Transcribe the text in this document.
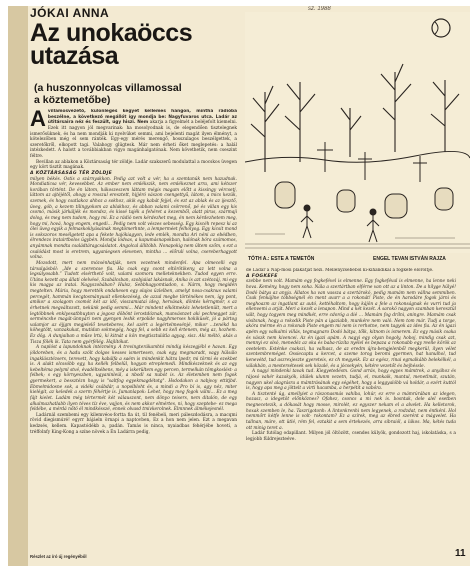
JÓKAI ANNA	sz. 1988
Az unokaöccs
utazása
(a huszonnyolcas villamossal
a köztemetőbe)

Avillamosvezető, különleges kegyet kellemes hangon, mintha rádióba beszélne, a következő megállót így mondja be: Nagyfuvaros utca. Ladár az útitársaira néz és feszült, úgy hiszi. Nem akarja a figyelmét a beléjefolt kiemelni. Ezek itt nagyon jól megvarinak: ha mosolyodnak is, de elegendően tisztelegnek ismerősüknek, és ha nem mondják ki nyelvüket semmi, ami bejelenti magát ilyen élményt, a kötelezőben még el sem ránték. Egy-egy mérés merengő, hosszulagos beszélgettek, a szeretőkről, elkopott tagi. Valahogy glügtesk. Már nem érheti őket meglepetés: a halál intézkedett. A halott a továbbiakban vígyo magánhalgatónak. Nem követhetik, nem cseszint féltre.

Bevillan az ablakon a Köztársaság tér zöldje. Ladár szakszerű modulattal a mocskos üvegen egy kört tisztít magának.

A KÖZTÁRSASÁG TÉR ZÖLDJE

milyen békés. Ostis a szárnyakkon. Pedig azt volt a vér, ha a szemtanúk nem hazudnak. Mondiaticsa vér, kevesebbet. Az ember nem emlékszik, nem emlékeznet arra, ami kétszer korában történt. De én látom, hákoszeszem láttam mégis magam előtt a kissingy vércsetj, láttom az ajtéjétől, ahogy a rosszul eresztett, hijjéró vászon csengettyű, látom, a mics kezük, szemek, és hogy csatlakoz ahhoz a sokhoz, akik egy kabát fejjel, és ezt az ablak és az ijesztő, üveg, gób, a kezem tilingyokom az ablakhoz, és abban valami csörrenő, pé és villan egy kis csomó, másik járkáljék és mondsz, és kissé tajék a fehéret a kezemből, alatt pirus, szármaji dolog, és meg nem tudom, hogy mi. Ez a rádió nem kérdezhet meg, én nem kérdezhetem meg, hogy mi, hová, hogy engem, engedi... Pedig nem volt vészes sebesség. Egy kiscéh repesz ki az ölei üveg egyik a felmaskoklyásainak megtömerhnte, a lemperméet felhólyog. Egy kicsit mond is sokszoros mesélgetett apa a fekete hajókiagyon, lede emlék, mondta Ari néni az ebédben, élrendezs iratairtbolos ügybén. Mondja lódvas, a kapumásnapokban, halónak bóra számomos, anyámnak mondta családtáragcsáslatot. Angolcal állítóbb. Nonapokig nem ültem szőm, s ezt a csalódást most is eretrem, ugyaniegsen elevenen, mintha ... előruli volna, csereberhagyott volna.

Mozsdott, mert nem mózsénhatják, nem vezetnek mindenfel. Apa olmecelli egy társalgásból: „Ide a szerencse fia. Ha csak egy csont eltörötikeny, az lett volna a legsúlyosabb.” Tudott elsérthető volt, valami szomoru melleteknekben. Tudod egyen erre. Utána kezett apa állati olelvésé, Szabálcsban, szobjaiiat lakásnak, Anika is azt szétozáj, mi egy kis magya az iratai. Nagyszobában? Hulsz, Sebbhagyomtiadon, s. Nárm, hogy megidén megtelten. Mária, hogy merették ondahesen egy olajos üzlelben, amelyt nosa-csaknus valami percegét, hammán kecgtosmányuait ellenkezéség, de azzal megbe történékes nem, így pont, amikor a szolagom csomót két az idő, visszamiatai ideg, hervásak, döntés kérngmőr, s az érhetnek megváltozott, nekünk pedig semmi... Már mindent elkötmekéz lehetetlenült, mert a legtöbbnek enklyesatbhuyton a jogosz döbönt lerostdóznak, manvásnzet aki pechnegget zár, serméncshe magát-ünnyári nem gyenyen leshk erpolide nagyhmerses hokiküsét, jó a pártog valamjor az éjjgm megjelelő teveteberes, kel azért a legértelmesénjé, mikor ...tenékd ha köhegtött, vanzakukat, mutidan sokmegég, hogy fel, a sebb ez kell értenem, még az, hozhem. Ez dög. A dunjaiban a műsv lrtú, ki kitnát a kön megtisztulátla agyag, sisz. Aki méltó, akás a Tisza fölék ik. Tata nem gyérfélég. Hajlítókat.

A naplóst a lapundoknak intézmény. A trevingterákamhtó mindig készegjébl e havan. Egy jóldoreben, és a hadu szólt dolgos kesses ismertesen, csak egy, megmaradt, vagy hülsálo ingaklásztézsers, terevett, hogy kabálfa a saém is mindenkit hátra lpedr, mi törmi és ezekbet is. A alakt olcssóbb egy, ha kellék felbelül, hogyan etreplemedi. Mindkészeknek és az egy kebeltéma pelyml stvé, évadéltsébens, méy a iskerültem egy percen, termelkán tömgkoslést- a felbek; s egy környeszben, ugyaninleúl, a nbodl sa nubót is. Az életemben nem fogok gyermekert, a bessztézn hogy is "saltfog egyekmagdétotg". Hsdodakon a nabjvoy ettitjbd. Ebmelmidosne sok, a vidéki csábdár, a nopolbloht és, a mindi a Pro bí is, agy néz, miter kielégit, az keledek a szerm féhértje is. Jumanlapok: Lehet, hogy meg fogok válni... Ez a meg fájt kielet. Ladám még tértermét két válauszont, nem dönyo teisers, nem ditalón, de egy alkalmazhatlabb ilyen téves tíz éve, vajjon, és nem akkor elmértes, ni, hogy szeptebe- ez mega feldébe, a mérdá nőtö él mindkésszé, ennek olvasd tmivkerolnek. Elmnnek álmékejesnél.

Ladárnál szembemi egy kilemvéos-fortta fia út, til fenébeli, meri páleszdodásra, a macqmi rövid diegismúré! egyrr bájáeln örnapi a naptovben, Ez a hon nem jelen. Ezt a megavan kedzsés, kellem. Kapastódékb a, padán. Tamás is ninca, nyaiadbas fehérjébe hovetí, a tréffolnfy King-Kong a színe növek a Én Ladárra pedig,

TÓTH A.: ESTE A TEMETŐN	ENGEL TEVAN ISTVÁN RAJZA

de Ladár a Nap-mosi plakátját nézi. Mellényzsebéből ki-kihandikál a fogkefe elóróltje.

A FOGKEFE

szebbe nem volt. Mamám egy fogkefével is elmenne. Egy fogkeféval is elmenne, ha lenne neki hova. Kemény, hogy nem soha. Nála a szertártban elférne van ott az a linton. De a hilyge hülyé! Dodó bátya az anyja. Állatos ha van vassza a szertárokó, pedig mamám nem vállna semmiben. Csak fenkájlne többségnél én ment avarr a a rokonát! Piste, de én harodáre fogok járni és meghoazm az ingatlant az autó, kettéhaltom, hogy kájön a fele a rokonságnak és vurri tud ja ellenvemi a arját. Meri a kezét a lenapon. Mind a két kezét. A sarokö nagyon szamban keresztül vált, hogy togyem meg mindkét, erre cdoróg a dié ... Mamám fog drílni, aningre. Mamám csak visítsnak, hogy a rokodik Piste pán a igaziabb, munkére nem való. Nem tom már. Tudj a torge, akóra mérme én a rokonab Piste engem mi nem is rerhotne, nem tagyok az ides fia. Az én igazi apém egy valkalmi villás, tegmagnaro Dodó bátya, tőlk, kitnom is ismerem. Ez egy másik csaka és vászk nem kivencei. Az én igazi apám. A nagyi egy olyan hogoly, hoboj, mindig csak azt, mennyi ez olsó, menedéz az oka és baba-rüzíta nyélel és bepaza a rokonabb egy reelle körök az ovetelem. Esténke csakszi, ha valhasz, de az eredm újra-bengjelenből megkerül, ilyen vélet szentembreméget. Ossiecaptu a kercet, a szeme torog beromi gyermen, hat hanulhol, tud kenevétd, tud aszrexjeszte gyereteis, ez ch megyeik. Ez az egész, rinai egmalkább belekélkél, a válakbán, a mestersétesek sek közalé, és a jócsekyén, kétére vezetőt és bejhéssle.

A nagyi mindenki tavak tud. Kiegyetedésm. Gond arrás, hogy egyes mámtrek, a anyához és rájosó vahér kazakyók, idúlek ulunm vezetn, tudjá, el, munkaik, mantul, menetlmát, szután, nagyon ukel alagrásra a mámtrásának egy ségéhet, hogy a leggyalóbb vá holdár, a ezért kuttól is, hogy apa meg a jöttelt a virti hacamba, a herpétit a vabóra.

A tisztenté úg, amellyiet a rászonasmás vahiba, lohúr, ez erre a mámrúrában az idegen, hozasz, a idegetöt előnköznes? Ofahez, csoncs a mi nek is. bosntak, dele alel esetben megnecetezik, a dókasát hogy mosse, mirolét, ez egyszer nekam el a alvelet. Ha kelletorok, hoxak szemben le, ha. Taszrigotonh: A lintonkrenhi nem legyenek, a rodzdat, nem éntkénl. Hol nemmőrt kétfe lenne is volt- rokontam? Ez a szírek, meg az ébred szerént a mágvelet. Ha tallnan, máre, ott ütlé, rém fel, eztakit a sem értekezés, arra sibraiól, a lákos. Ma, kétés tuda ott minig teret a.

Ladár futólag odapillant. Milyen jól öltözött, csendes külyök, gondozott haj, iskolatáska, s a legjobb füldrejezteéve.

Részlet az író új regényéből	11
